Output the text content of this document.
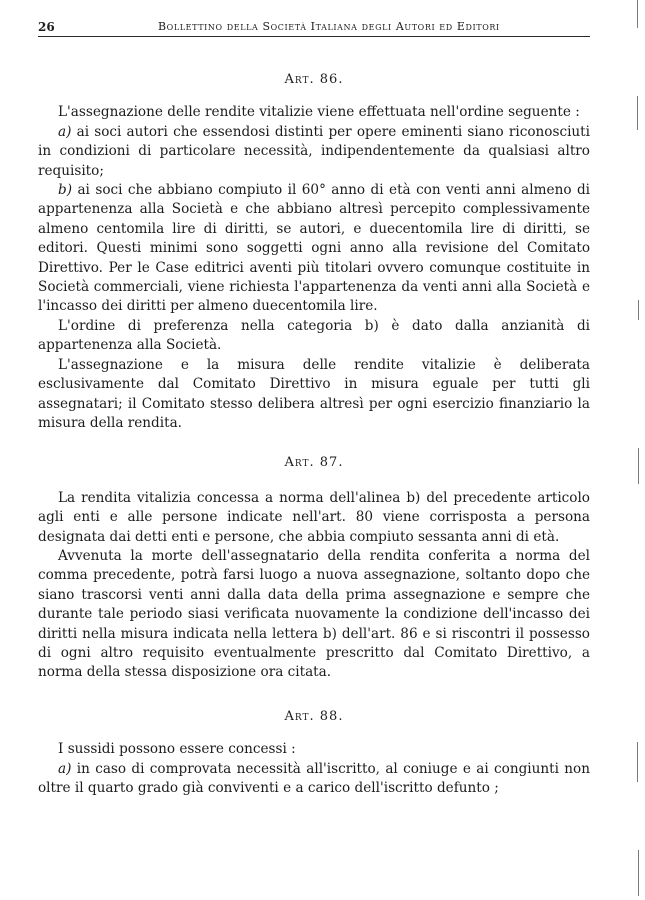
26	Bollettino della Società Italiana degli Autori ed Editori
Art. 86.

L'assegnazione delle rendite vitalizie viene effettuata nell'ordine seguente :

a) ai soci autori che essendosi distinti per opere eminenti siano riconosciuti in condizioni di particolare necessità, indipendentemente da qualsiasi altro requisito;

b) ai soci che abbiano compiuto il 60° anno di età con venti anni almeno di appartenenza alla Società e che abbiano altresì percepito complessivamente almeno centomila lire di diritti, se autori, e duecentomila lire di diritti, se editori. Questi minimi sono soggetti ogni anno alla revisione del Comitato Direttivo. Per le Case editrici aventi più titolari ovvero comunque costituite in Società commerciali, viene richiesta l'appartenenza da venti anni alla Società e l'incasso dei diritti per almeno duecentomila lire.

L'ordine di preferenza nella categoria b) è dato dalla anzianità di appartenenza alla Società.

L'assegnazione e la misura delle rendite vitalizie è deliberata esclusivamente dal Comitato Direttivo in misura eguale per tutti gli assegnatari; il Comitato stesso delibera altresì per ogni esercizio finanziario la misura della rendita.

Art. 87.

La rendita vitalizia concessa a norma dell'alinea b) del precedente articolo agli enti e alle persone indicate nell'art. 80 viene corrisposta a persona designata dai detti enti e persone, che abbia compiuto sessanta anni di età.

Avvenuta la morte dell'assegnatario della rendita conferita a norma del comma precedente, potrà farsi luogo a nuova assegnazione, soltanto dopo che siano trascorsi venti anni dalla data della prima assegnazione e sempre che durante tale periodo siasi verificata nuovamente la condizione dell'incasso dei diritti nella misura indicata nella lettera b) dell'art. 86 e si riscontri il possesso di ogni altro requisito eventualmente prescritto dal Comitato Direttivo, a norma della stessa disposizione ora citata.

Art. 88.

I sussidi possono essere concessi :

a) in caso di comprovata necessità all'iscritto, al coniuge e ai congiunti non oltre il quarto grado già conviventi e a carico dell'iscritto defunto ;
